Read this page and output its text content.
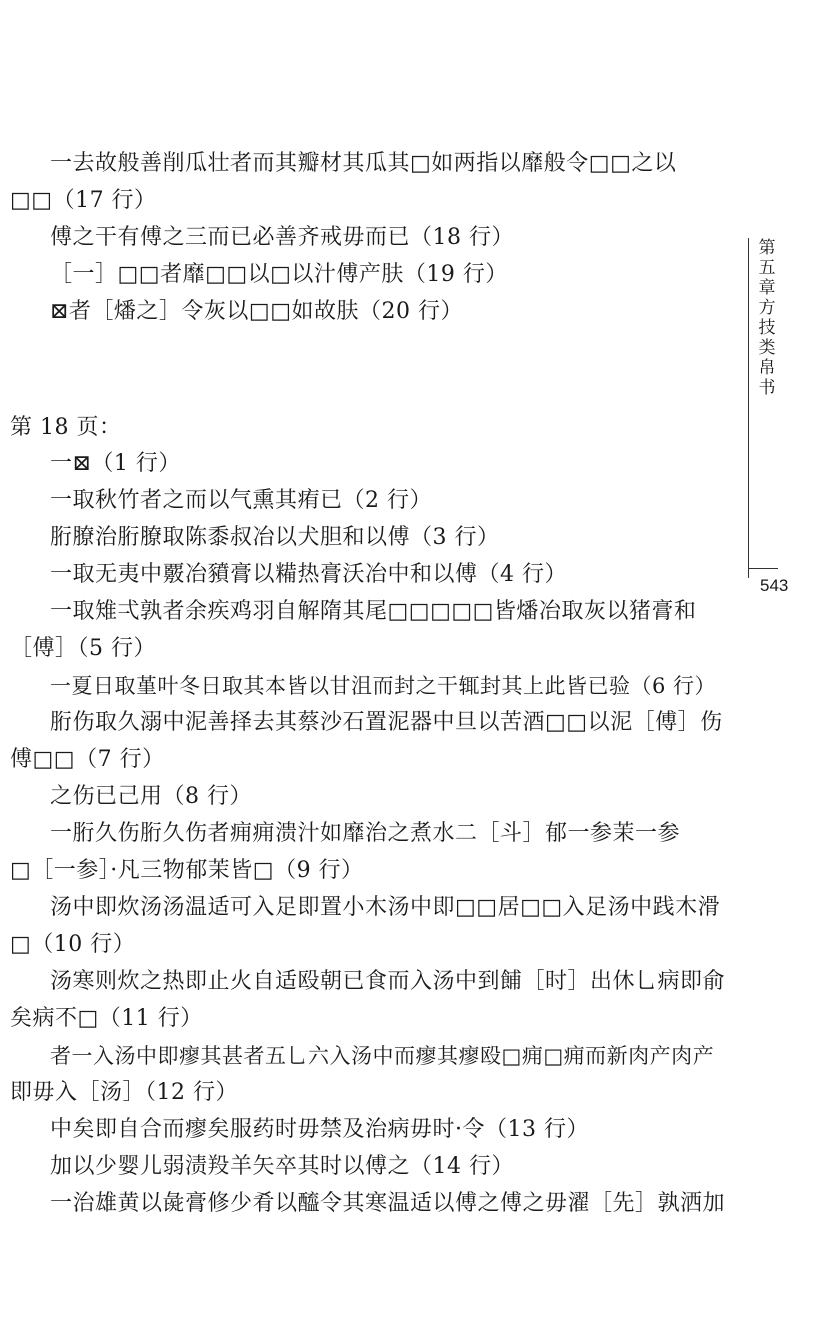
第五章　方技类帛书
543
一去故般善削瓜壮者而其瓣材其瓜其□如两指以靡般令□□之以
□□（17 行）
傅之干有傅之三而已必善齐戒毋而已（18 行）
［一］□□者靡□□以□以汁傅产肤（19 行）
⊠者［燔之］令灰以□□如故肤（20 行）
第 18 页：
一⊠（1 行）
一取秋竹者之而以气熏其痏已（2 行）
胻膫治胻膫取陈黍叔冶以犬胆和以傅（3 行）
一取无夷中覈冶豶膏以糒热膏沃冶中和以傅（4 行）
一取雉弌孰者余疾鸡羽自解隋其尾□□□□□皆燔冶取灰以猪膏和
［傅］（5 行）
一夏日取堇叶冬日取其本皆以甘沮而封之干辄封其上此皆已验（6 行）
胻伤取久溺中泥善择去其蔡沙石置泥器中旦以苦酒□□以泥［傅］伤
傅□□（7 行）
之伤已己用（8 行）
一胻久伤胻久伤者痈痈溃汁如靡治之煮水二［斗］郁一参茉一参
□［一参］·凡三物郁茉皆□（9 行）
汤中即炊汤汤温适可入足即置小木汤中即□□居□□入足汤中践木滑
□（10 行）
汤寒则炊之热即止火自适殴朝已食而入汤中到餔［时］出休乚病即俞
矣病不□（11 行）
者一入汤中即瘳其甚者五乚六入汤中而瘳其瘳殴□痈□痈而新肉产肉产
即毋入［汤］（12 行）
中矣即自合而瘳矣服药时毋禁及治病毋时·令（13 行）
加以少婴儿弱渍羖羊矢卒其时以傅之（14 行）
一治雄黄以彘膏修少肴以醯令其寒温适以傅之傅之毋濯［先］孰洒加
